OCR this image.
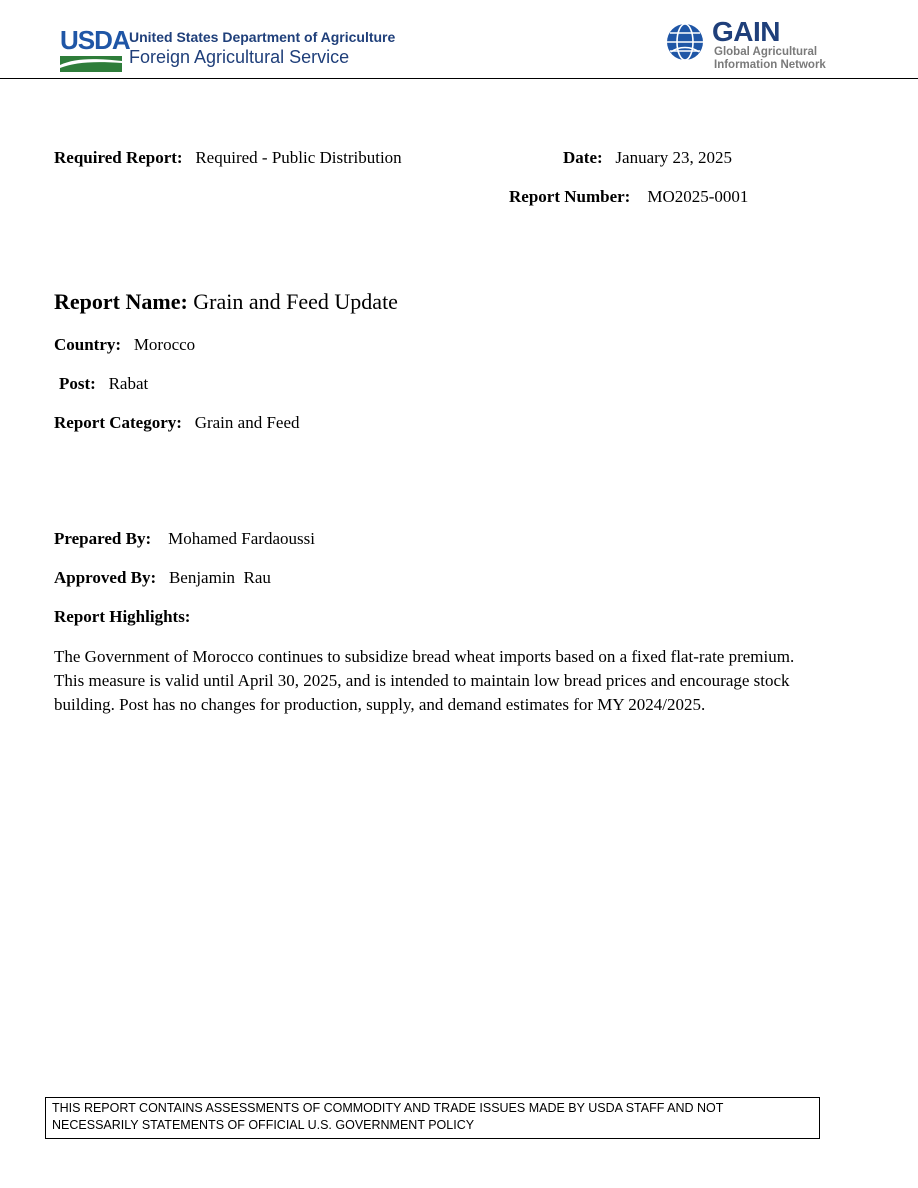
USDA United States Department of Agriculture
Foreign Agricultural Service
GAIN
Global Agricultural
Information Network
Required Report: Required - Public Distribution	Date: January 23, 2025
Report Number: MO2025-0001
Report Name: Grain and Feed Update
Country: Morocco
Post: Rabat
Report Category: Grain and Feed
Prepared By: Mohamed Fardaoussi
Approved By: Benjamin  Rau
Report Highlights:
The Government of Morocco continues to subsidize bread wheat imports based on a fixed flat-rate premium. This measure is valid until April 30, 2025, and is intended to maintain low bread prices and encourage stock building. Post has no changes for production, supply, and demand estimates for MY 2024/2025.
THIS REPORT CONTAINS ASSESSMENTS OF COMMODITY AND TRADE ISSUES MADE BY USDA STAFF AND NOT NECESSARILY STATEMENTS OF OFFICIAL U.S. GOVERNMENT POLICY
